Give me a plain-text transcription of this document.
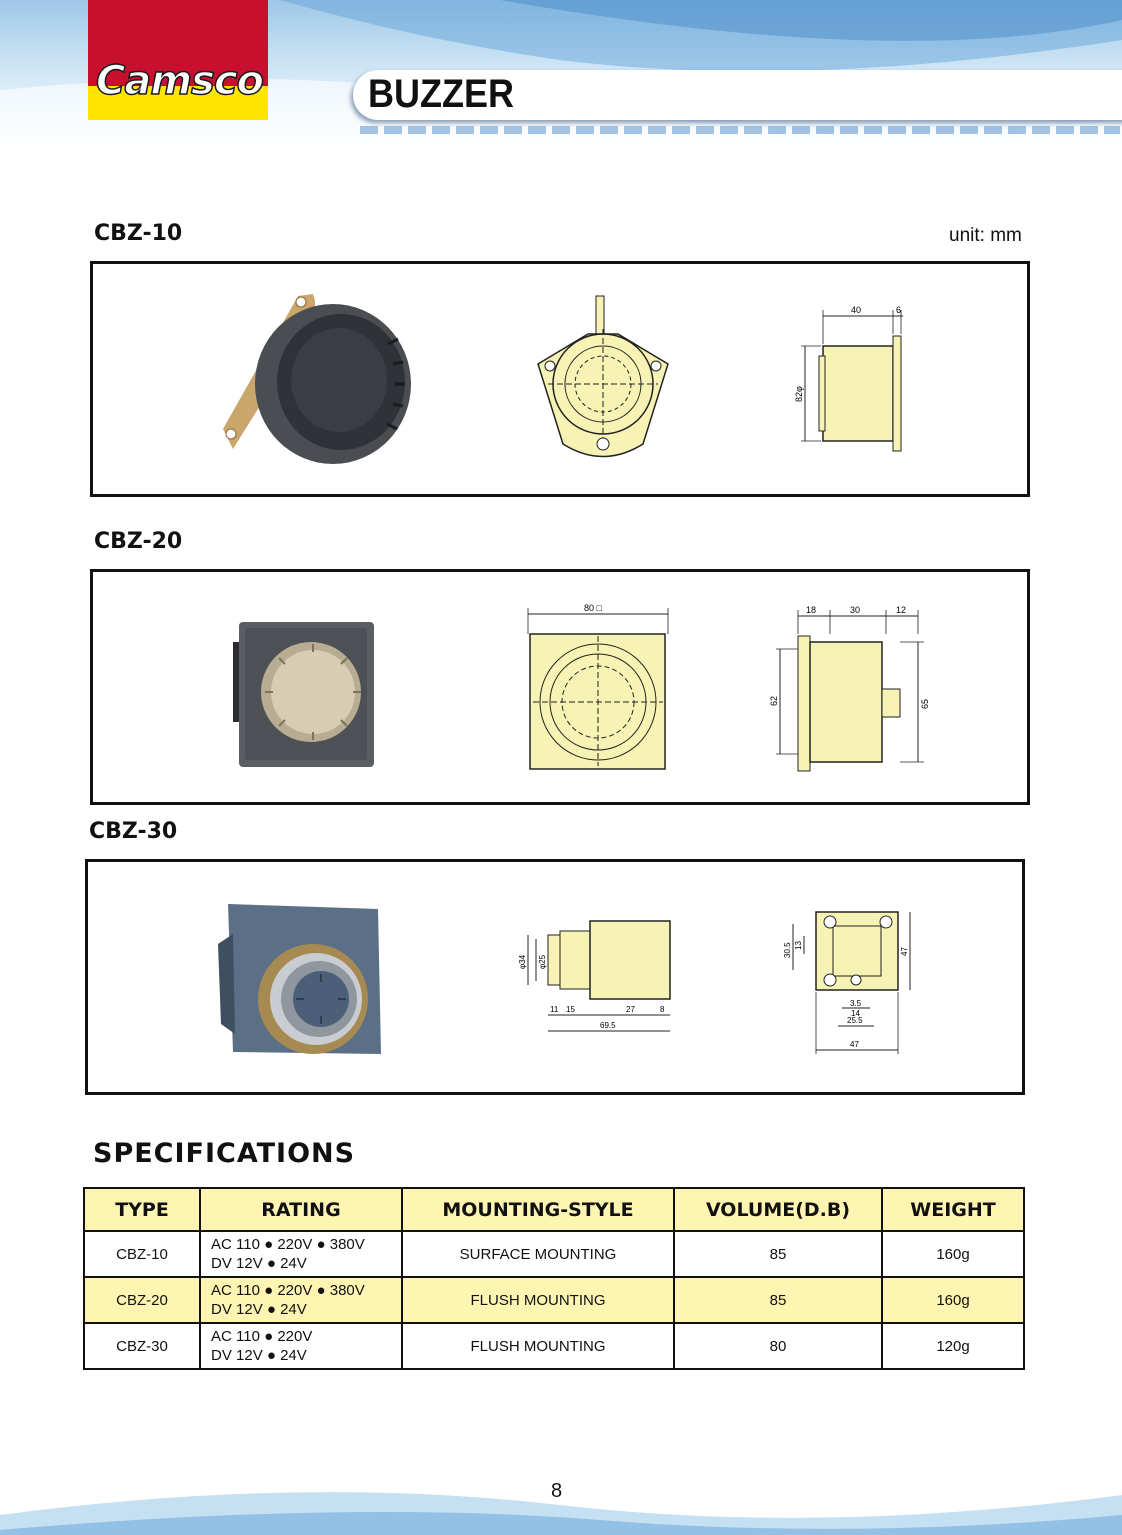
Camsco	BUZZER
CBZ-10	unit: mm
40	6
82φ
CBZ-20
80 □	18	30	12
62	65
CBZ-30
φ34 φ25
11 15	27	8
69.5
30.5 13
47
3.5
14
25.5
47
SPECIFICATIONS
TYPE	RATING	MOUNTING-STYLE	VOLUME(D.B)	WEIGHT
CBZ-10	AC 110 ● 220V ● 380V
DV 12V ● 24V	SURFACE MOUNTING	85	160g
CBZ-20	AC 110 ● 220V ● 380V
DV 12V ● 24V	FLUSH MOUNTING	85	160g
CBZ-30	AC 110 ● 220V
DV 12V ● 24V	FLUSH MOUNTING	80	120g
8
